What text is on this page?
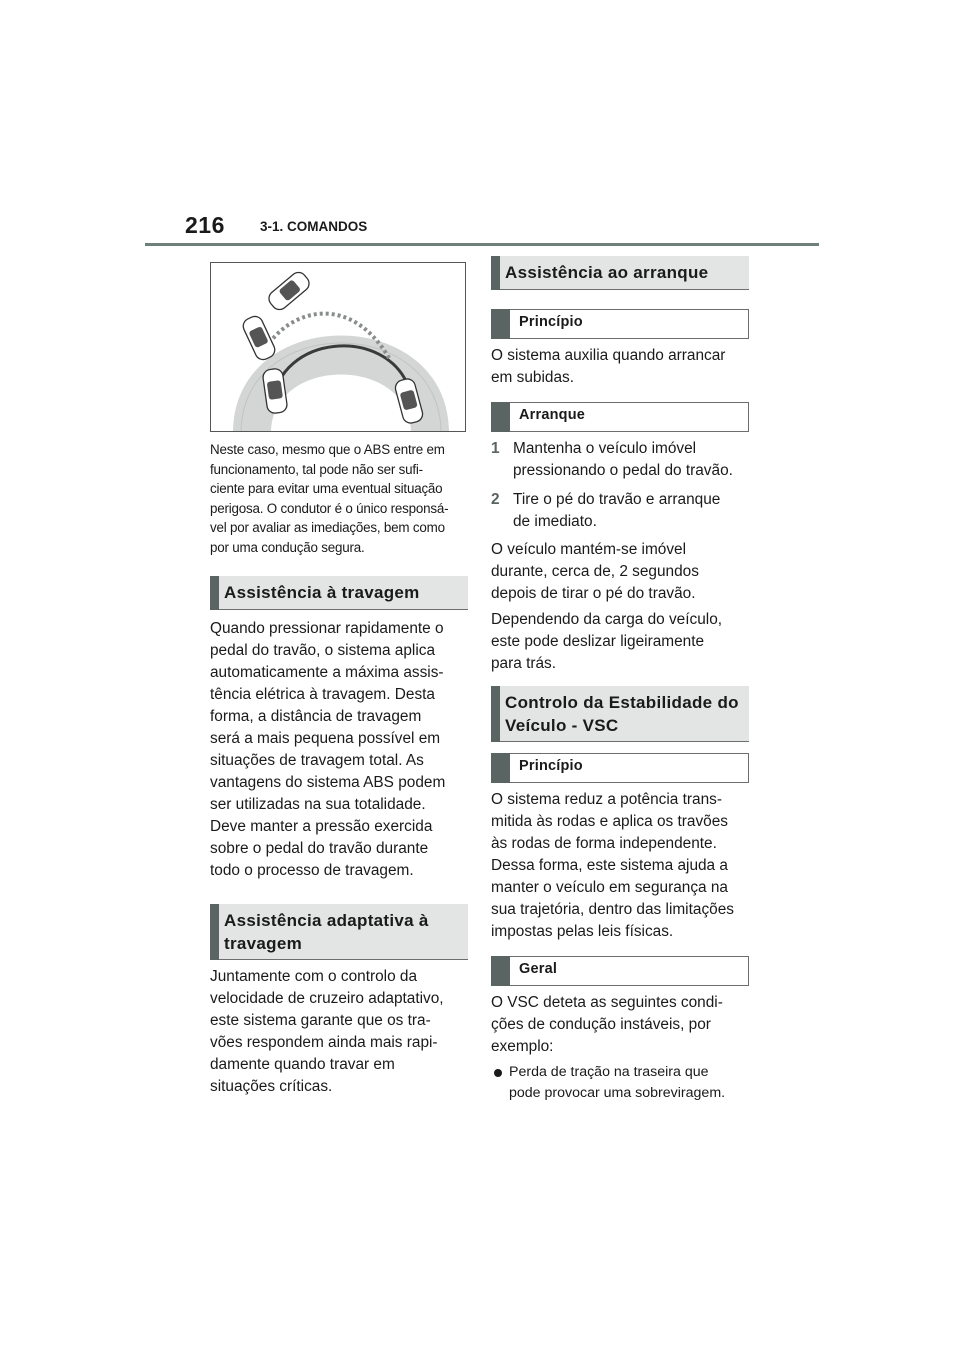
216	3-1. COMANDOS

Neste caso, mesmo que o ABS entre em

funcionamento, tal pode não ser sufi-

ciente para evitar uma eventual situação

perigosa. O condutor é o único responsá-

vel por avaliar as imediações, bem como

por uma condução segura.

Assistência à travagem

Quando pressionar rapidamente o

pedal do travão, o sistema aplica

automaticamente a máxima assis-

tência elétrica à travagem. Desta

forma, a distância de travagem

será a mais pequena possível em

situações de travagem total. As

vantagens do sistema ABS podem

ser utilizadas na sua totalidade.

Deve manter a pressão exercida

sobre o pedal do travão durante

todo o processo de travagem.

Assistência adaptativa à
travagem

Juntamente com o controlo da

velocidade de cruzeiro adaptativo,

este sistema garante que os tra-

vões respondem ainda mais rapi-

damente quando travar em

situações críticas.

Assistência ao arranque
Princípio

O sistema auxilia quando arrancar

em subidas.

Arranque
1 Mantenha o veículo imóvel
pressionando o pedal do travão.
2 Tire o pé do travão e arranque
de imediato.

O veículo mantém-se imóvel

durante, cerca de, 2 segundos

depois de tirar o pé do travão.

Dependendo da carga do veículo,

este pode deslizar ligeiramente

para trás.

Controlo da Estabilidade do
Veículo - VSC
Princípio

O sistema reduz a potência trans-

mitida às rodas e aplica os travões

às rodas de forma independente.

Dessa forma, este sistema ajuda a

manter o veículo em segurança na

sua trajetória, dentro das limitações

impostas pelas leis físicas.

Geral

O VSC deteta as seguintes condi-

ções de condução instáveis, por

exemplo:

Perda de tração na traseira que
pode provocar uma sobreviragem.
